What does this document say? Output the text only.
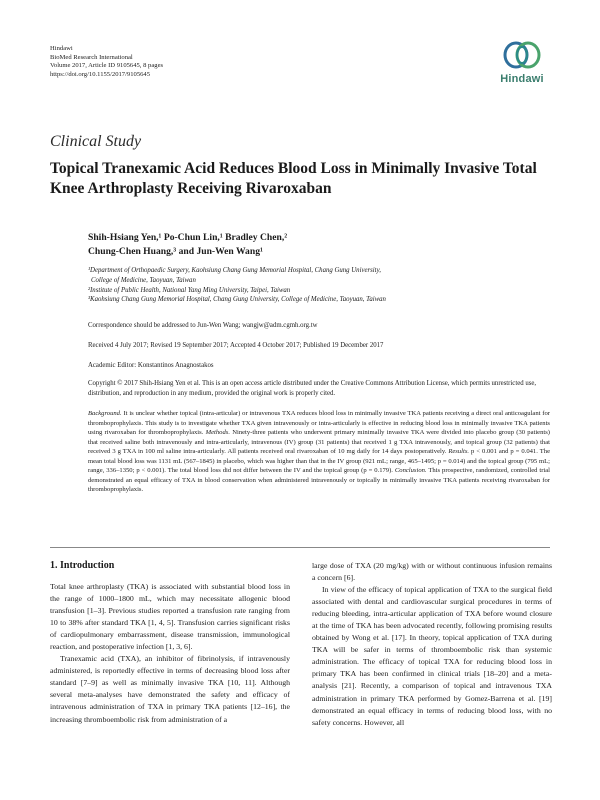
Hindawi
BioMed Research International
Volume 2017, Article ID 9105645, 8 pages
https://doi.org/10.1155/2017/9105645	Hindawi
Clinical Study
Topical Tranexamic Acid Reduces Blood Loss in Minimally Invasive Total Knee Arthroplasty Receiving Rivaroxaban
Shih-Hsiang Yen,¹ Po-Chun Lin,¹ Bradley Chen,²
Chung-Chen Huang,³ and Jun-Wen Wang¹
¹Department of Orthopaedic Surgery, Kaohsiung Chang Gung Memorial Hospital, Chang Gung University,
College of Medicine, Taoyuan, Taiwan
²Institute of Public Health, National Yang Ming University, Taipei, Taiwan
³Kaohsiung Chang Gung Memorial Hospital, Chang Gung University, College of Medicine, Taoyuan, Taiwan
Correspondence should be addressed to Jun-Wen Wang; wangjw@adm.cgmh.org.tw
Received 4 July 2017; Revised 19 September 2017; Accepted 4 October 2017; Published 19 December 2017
Academic Editor: Konstantinos Anagnostakos
Copyright © 2017 Shih-Hsiang Yen et al. This is an open access article distributed under the Creative Commons Attribution License, which permits unrestricted use, distribution, and reproduction in any medium, provided the original work is properly cited.
Background. It is unclear whether topical (intra-articular) or intravenous TXA reduces blood loss in minimally invasive TKA patients receiving a direct oral anticoagulant for thromboprophylaxis. This study is to investigate whether TXA given intravenously or intra-articularly is effective in reducing blood loss in minimally invasive TKA patients using rivaroxaban for thromboprophylaxis. Methods. Ninety-three patients who underwent primary minimally invasive TKA were divided into placebo group (30 patients) that received saline both intravenously and intra-articularly, intravenous (IV) group (31 patients) that received 1 g TXA intravenously, and topical group (32 patients) that received 3 g TXA in 100 ml saline intra-articularly. All patients received oral rivaroxaban of 10 mg daily for 14 days postoperatively. Results. p < 0.001 and p = 0.041. The mean total blood loss was 1131 mL (567–1845) in placebo, which was higher than that in the IV group (921 mL; range, 465–1495; p = 0.014) and the topical group (795 mL; range, 336–1350; p < 0.001). The total blood loss did not differ between the IV and the topical group (p = 0.179). Conclusion. This prospective, randomized, controlled trial demonstrated an equal efficacy of TXA in blood conservation when administered intravenously or topically in minimally invasive TKA patients receiving rivaroxaban for thromboprophylaxis.
1. Introduction

Total knee arthroplasty (TKA) is associated with substantial blood loss in the range of 1000–1800 mL, which may necessitate allogenic blood transfusion [1–3]. Previous studies reported a transfusion rate ranging from 10 to 38% after standard TKA [1, 4, 5]. Transfusion carries significant risks of cardiopulmonary embarrassment, disease transmission, immunological reaction, and postoperative infection [1, 3, 6].

Tranexamic acid (TXA), an inhibitor of fibrinolysis, if intravenously administered, is reportedly effective in terms of decreasing blood loss after standard [7–9] as well as minimally invasive TKA [10, 11]. Although several meta-analyses have demonstrated the safety and efficacy of intravenous administration of TXA in primary TKA patients [12–16], the increasing thromboembolic risk from administration of a

large dose of TXA (20 mg/kg) with or without continuous infusion remains a concern [6].

In view of the efficacy of topical application of TXA to the surgical field associated with dental and cardiovascular surgical procedures in terms of reducing bleeding, intra-articular application of TXA before wound closure at the time of TKA has been advocated recently, following promising results obtained by Wong et al. [17]. In theory, topical application of TXA during TKA will be safer in terms of thromboembolic risk than systemic administration. The efficacy of topical TXA for reducing blood loss in primary TKA has been confirmed in clinical trials [18–20] and a meta-analysis [21]. Recently, a comparison of topical and intravenous TXA administration in primary TKA performed by Gomez-Barrena et al. [19] demonstrated an equal efficacy in terms of reducing blood loss, with no safety concerns. However, all
